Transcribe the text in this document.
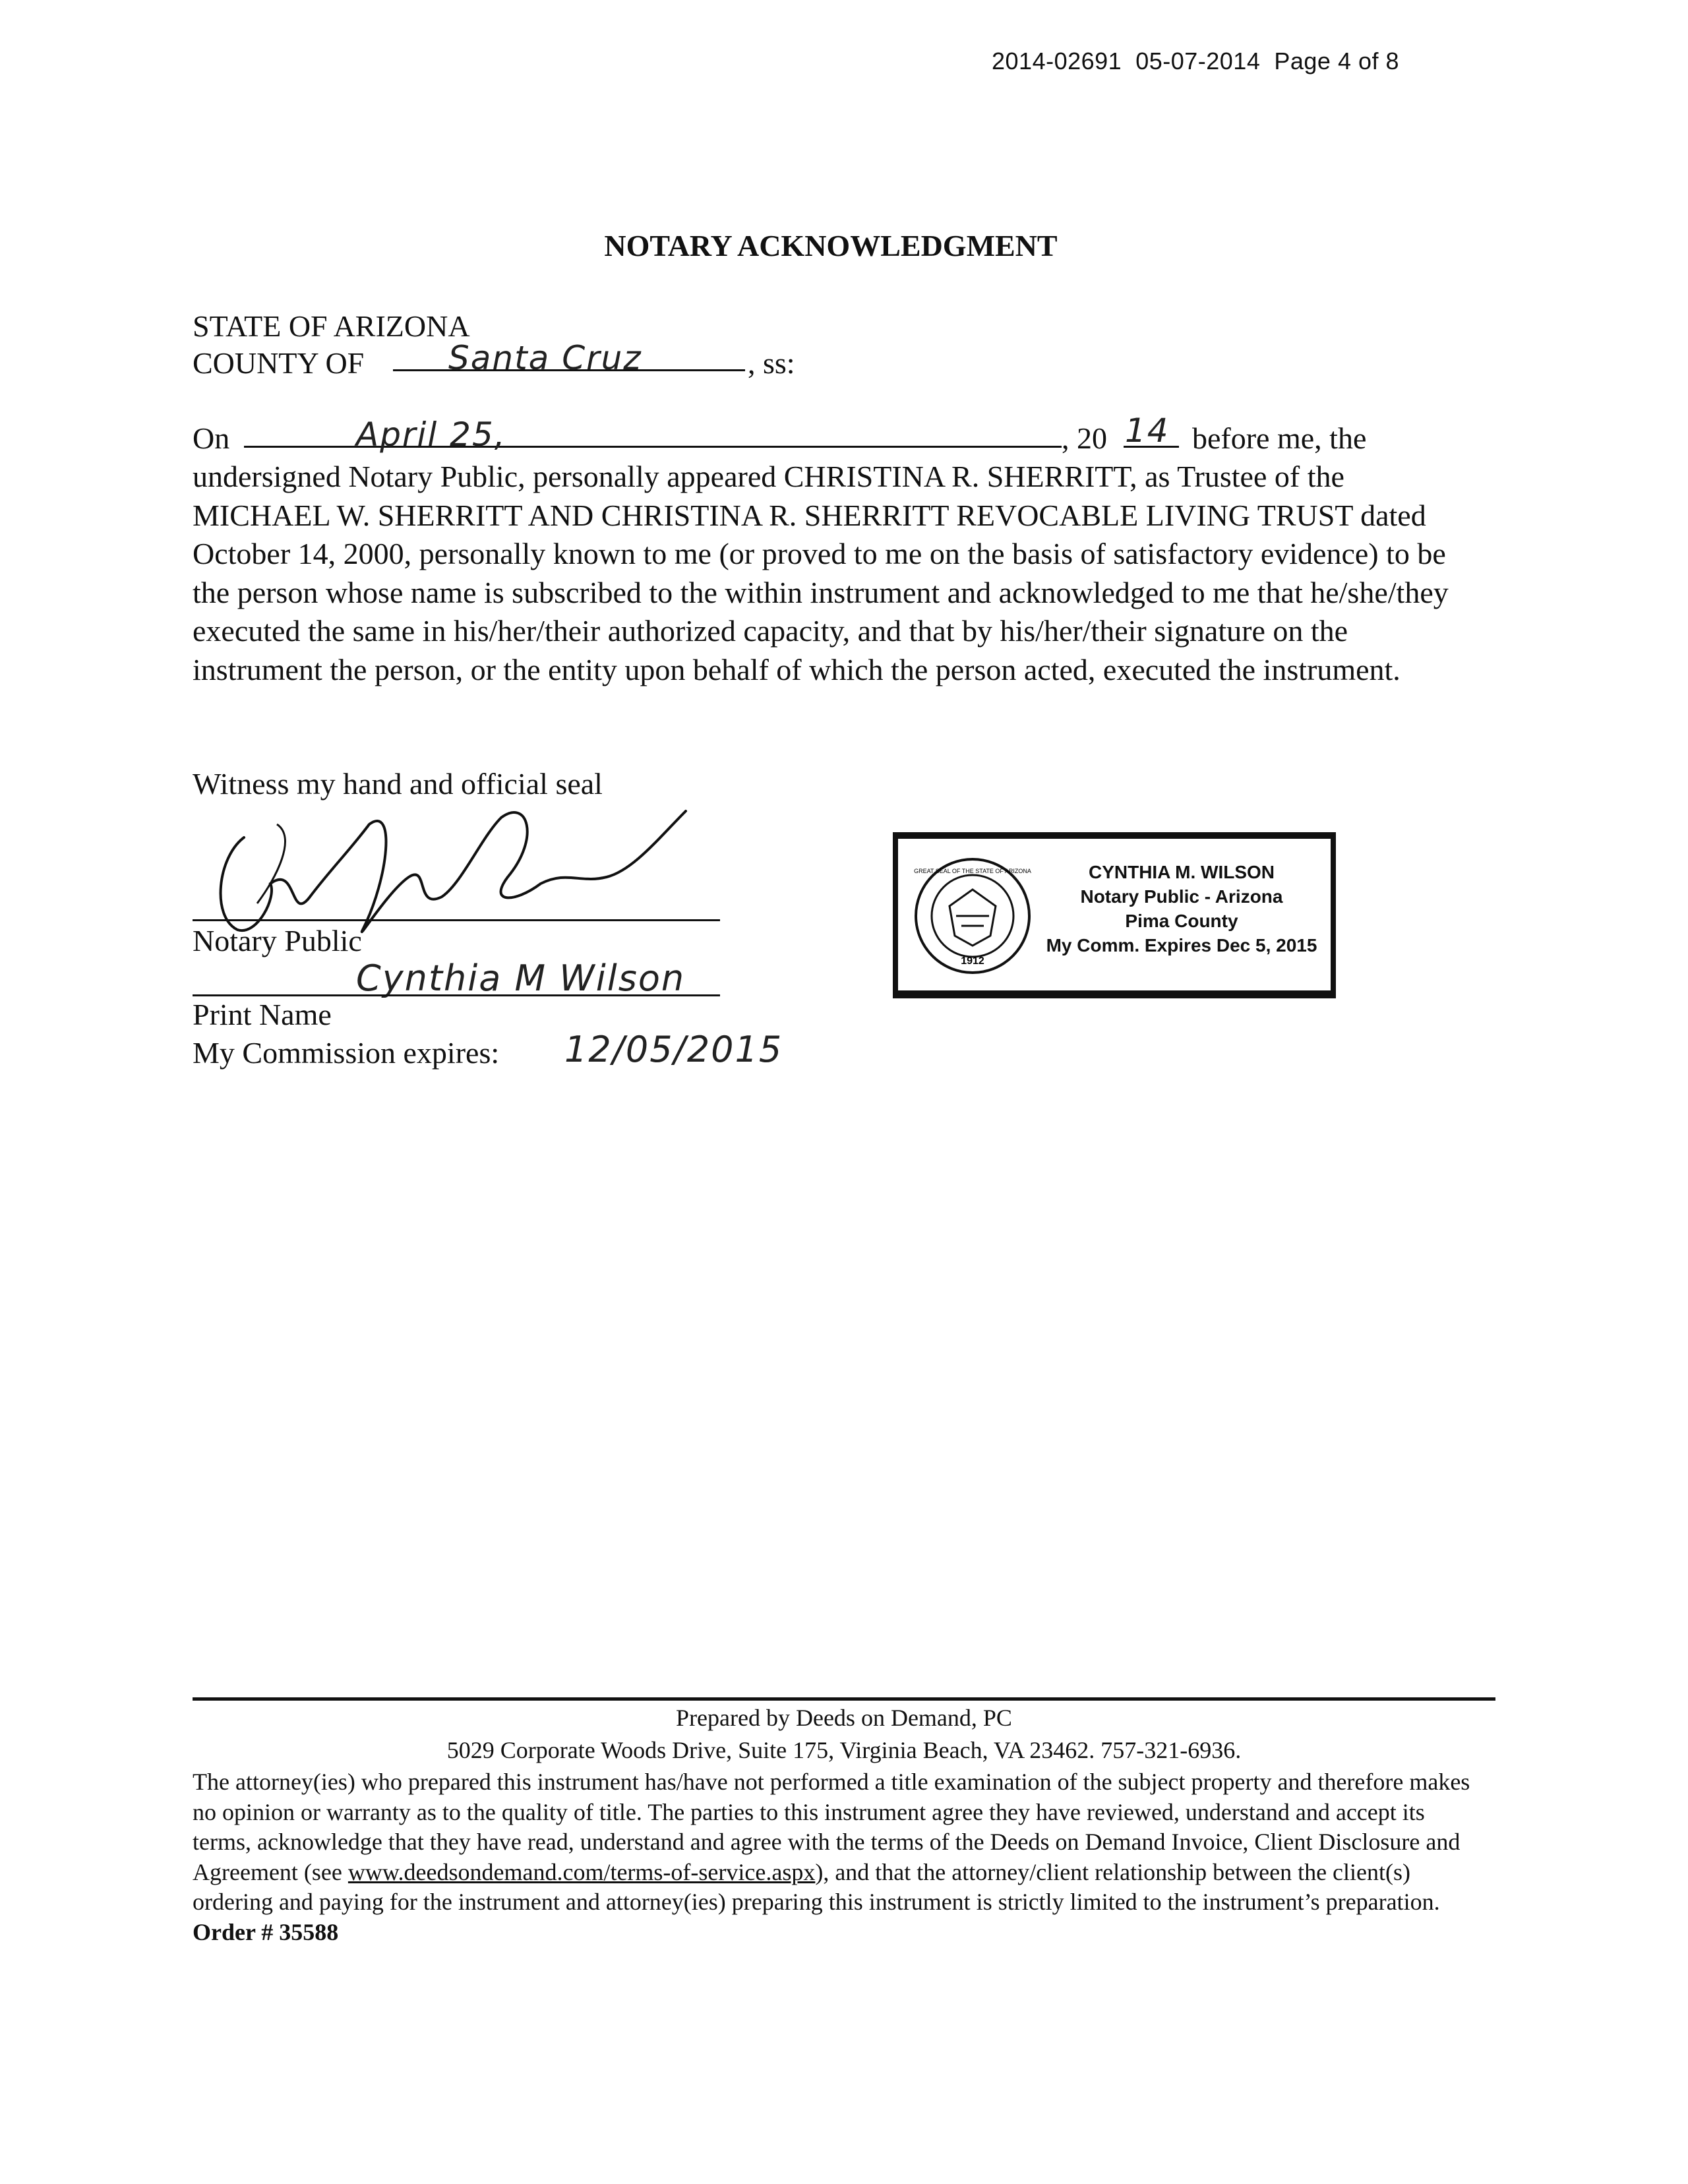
2014-02691 05-07-2014 Page 4 of 8
NOTARY ACKNOWLEDGMENT
STATE OF ARIZONA
COUNTY OF	Santa Cruz	, ss:
On	April 25,	, 20 14 before me, the
undersigned Notary Public, personally appeared CHRISTINA R. SHERRITT, as Trustee of the MICHAEL W. SHERRITT AND CHRISTINA R. SHERRITT REVOCABLE LIVING TRUST dated October 14, 2000, personally known to me (or proved to me on the basis of satisfactory evidence) to be the person whose name is subscribed to the within instrument and acknowledged to me that he/she/they executed the same in his/her/their authorized capacity, and that by his/her/their signature on the instrument the person, or the entity upon behalf of which the person acted, executed the instrument.
Witness my hand and official seal
Notary Public
Cynthia M Wilson
Print Name
My Commission expires: 12/05/2015
1912
GREAT SEAL OF THE STATE OF ARIZONA	CYNTHIA M. WILSON
Notary Public - Arizona
Pima County
My Comm. Expires Dec 5, 2015
Prepared by Deeds on Demand, PC
5029 Corporate Woods Drive, Suite 175, Virginia Beach, VA 23462. 757-321-6936.
The attorney(ies) who prepared this instrument has/have not performed a title examination of the subject property and therefore makes no opinion or warranty as to the quality of title. The parties to this instrument agree they have reviewed, understand and accept its terms, acknowledge that they have read, understand and agree with the terms of the Deeds on Demand Invoice, Client Disclosure and Agreement (see www.deedsondemand.com/terms-of-service.aspx), and that the attorney/client relationship between the client(s) ordering and paying for the instrument and attorney(ies) preparing this instrument is strictly limited to the instrument’s preparation. Order # 35588
